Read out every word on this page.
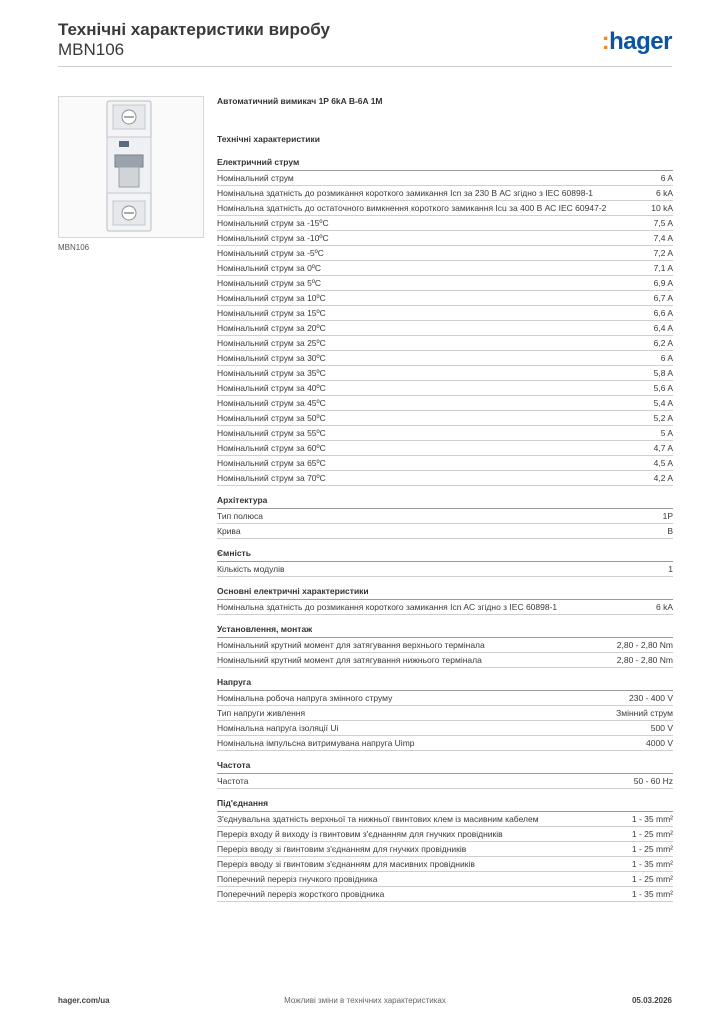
Технічні характеристики виробу

MBN106	:hager
MBN106

Автоматичний вимикач 1P 6kA B-6A 1M

Технічні характеристики

Електричний струм
Номінальний струм	6 A
Номінальна здатність до розмикання короткого замикання Icn за 230 В АС згідно з IEC 60898-1	6 kA
Номінальна здатність до остаточного вимкнення короткого замикання Icu за 400 В АС IEC 60947-2	10 kA
Номінальний струм за -15ºC	7,5 A
Номінальний струм за -10ºC	7,4 A
Номінальний струм за -5ºC	7,2 A
Номінальний струм за 0ºC	7,1 A
Номінальний струм за 5ºC	6,9 A
Номінальний струм за 10ºC	6,7 A
Номінальний струм за 15ºC	6,6 A
Номінальний струм за 20ºC	6,4 A
Номінальний струм за 25ºC	6,2 A
Номінальний струм за 30ºC	6 A
Номінальний струм за 35ºC	5,8 A
Номінальний струм за 40ºC	5,6 A
Номінальний струм за 45ºC	5,4 A
Номінальний струм за 50ºC	5,2 A
Номінальний струм за 55ºC	5 A
Номінальний струм за 60ºC	4,7 A
Номінальний струм за 65ºC	4,5 A
Номінальний струм за 70ºC	4,2 A
Архітектура
Тип полюса	1P
Крива	B
Ємність
Кількість модулів	1
Основні електричні характеристики
Номінальна здатність до розмикання короткого замикання Icn AC згідно з IEC 60898-1	6 kA
Установлення, монтаж
Номінальний крутний момент для затягування верхнього термінала	2,80 - 2,80 Nm
Номінальний крутний момент для затягування нижнього термінала	2,80 - 2,80 Nm
Напруга
Номінальна робоча напруга змінного струму	230 - 400 V
Тип напруги живлення	Змінний струм
Номінальна напруга ізоляції Ui	500 V
Номінальна імпульсна витримувана напруга Uimp	4000 V
Частота
Частота	50 - 60 Hz
Під'єднання
З'єднувальна здатність верхньої та нижньої гвинтових клем із масивним кабелем	1 - 35 mm²
Переріз входу й виходу із гвинтовим з'єднанням для гнучких провідників	1 - 25 mm²
Переріз вводу зі гвинтовим з'єднанням для гнучких провідників	1 - 25 mm²
Переріз вводу зі гвинтовим з'єднанням для масивних провідників	1 - 35 mm²
Поперечний переріз гнучкого провідника	1 - 25 mm²
Поперечний переріз жорсткого провідника	1 - 35 mm²
hager.com/ua	Можливі зміни в технічних характеристиках	05.03.2026
